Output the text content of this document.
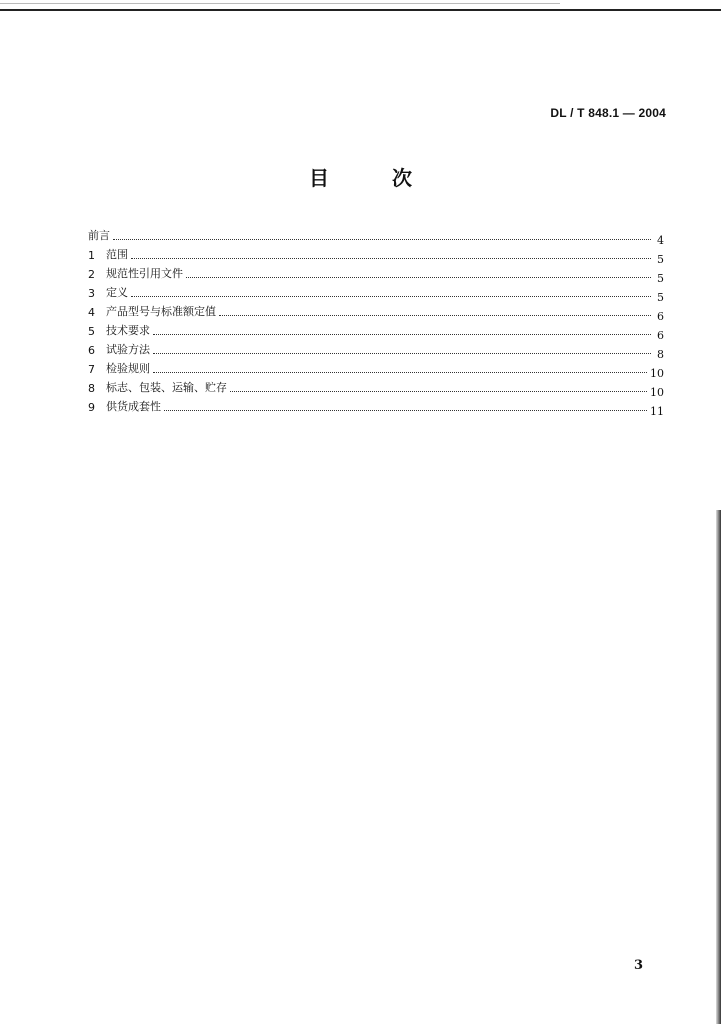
DL / T 848.1 — 2004
目 次
前言	4
1	范围	5
2	规范性引用文件	5
3	定义	5
4	产品型号与标准额定值	6
5	技术要求	6
6	试验方法	8
7	检验规则	10
8	标志、包装、运输、贮存	10
9	供货成套性	11
3
